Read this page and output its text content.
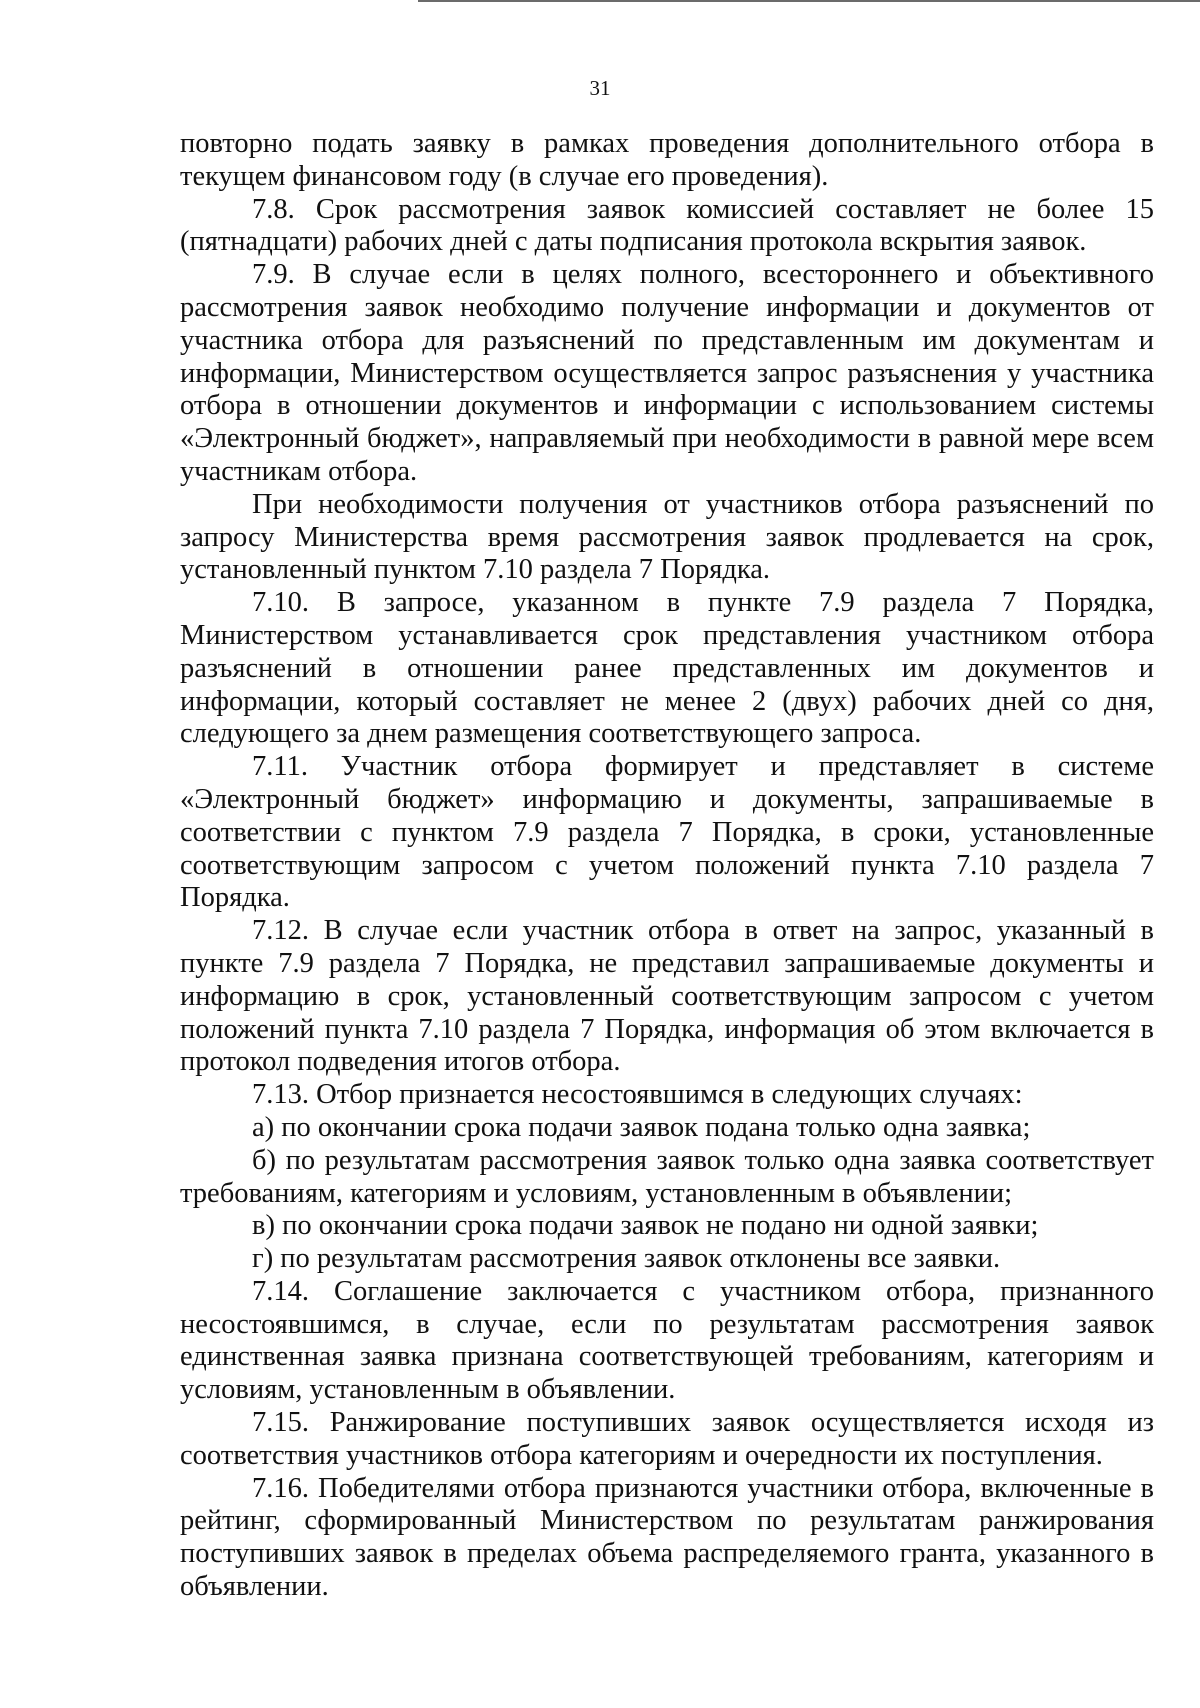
31

повторно подать заявку в рамках проведения дополнительного отбора в текущем финансовом году (в случае его проведения).

7.8. Срок рассмотрения заявок комиссией составляет не более 15 (пятнадцати) рабочих дней с даты подписания протокола вскрытия заявок.

7.9. В случае если в целях полного, всестороннего и объективного рассмотрения заявок необходимо получение информации и документов от участника отбора для разъяснений по представленным им документам и информации, Министерством осуществляется запрос разъяснения у участника отбора в отношении документов и информации с использованием системы «Электронный бюджет», направляемый при необходимости в равной мере всем участникам отбора.

При необходимости получения от участников отбора разъяснений по запросу Министерства время рассмотрения заявок продлевается на срок, установленный пунктом 7.10 раздела 7 Порядка.

7.10. В запросе, указанном в пункте 7.9 раздела 7 Порядка, Министерством устанавливается срок представления участником отбора разъяснений в отношении ранее представленных им документов и информации, который составляет не менее 2 (двух) рабочих дней со дня, следующего за днем размещения соответствующего запроса.

7.11. Участник отбора формирует и представляет в системе «Электронный бюджет» информацию и документы, запрашиваемые в соответствии с пунктом 7.9 раздела 7 Порядка, в сроки, установленные соответствующим запросом с учетом положений пункта 7.10 раздела 7 Порядка.

7.12. В случае если участник отбора в ответ на запрос, указанный в пункте 7.9 раздела 7 Порядка, не представил запрашиваемые документы и информацию в срок, установленный соответствующим запросом с учетом положений пункта 7.10 раздела 7 Порядка, информация об этом включается в протокол подведения итогов отбора.

7.13. Отбор признается несостоявшимся в следующих случаях:

а) по окончании срока подачи заявок подана только одна заявка;

б) по результатам рассмотрения заявок только одна заявка соответствует требованиям, категориям и условиям, установленным в объявлении;

в) по окончании срока подачи заявок не подано ни одной заявки;

г) по результатам рассмотрения заявок отклонены все заявки.

7.14. Соглашение заключается с участником отбора, признанного несостоявшимся, в случае, если по результатам рассмотрения заявок единственная заявка признана соответствующей требованиям, категориям и условиям, установленным в объявлении.

7.15. Ранжирование поступивших заявок осуществляется исходя из соответствия участников отбора категориям и очередности их поступления.

7.16. Победителями отбора признаются участники отбора, включенные в рейтинг, сформированный Министерством по результатам ранжирования поступивших заявок в пределах объема распределяемого гранта, указанного в объявлении.
